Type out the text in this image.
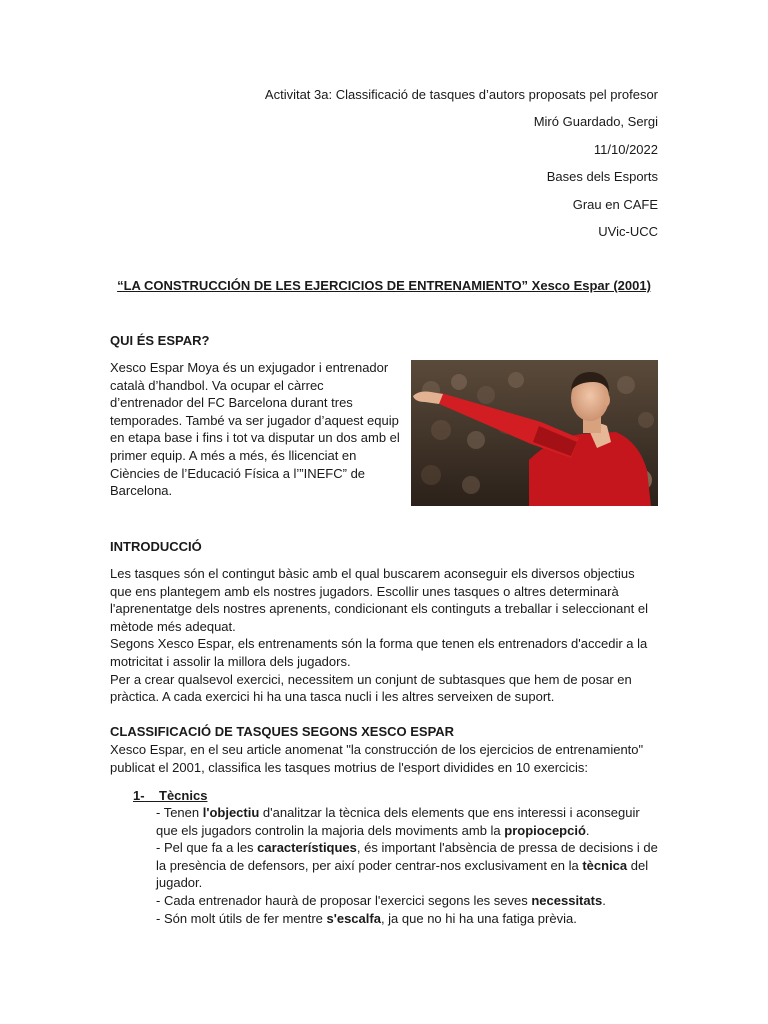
Activitat 3a: Classificació de tasques d’autors proposats pel profesor

Miró Guardado, Sergi

11/10/2022

Bases dels Esports

Grau en CAFE

UVic-UCC

“LA CONSTRUCCIÓN DE LES EJERCICIOS DE ENTRENAMIENTO” Xesco Espar (2001)

QUI ÉS ESPAR?

Xesco Espar Moya és un exjugador i entrenador català d’handbol. Va ocupar el càrrec d’entrenador del FC Barcelona durant tres temporades. També va ser jugador d’aquest equip en etapa base i fins i tot va disputar un dos amb el primer equip. A més a més, és llicenciat en Ciències de l’Educació Física a l’”INEFC” de Barcelona.

INTRODUCCIÓ

Les tasques són el contingut bàsic amb el qual buscarem aconseguir els diversos objectius que ens plantegem amb els nostres jugadors. Escollir unes tasques o altres determinarà l'aprenentatge dels nostres aprenents, condicionant els continguts a treballar i seleccionant el mètode més adequat.

Segons Xesco Espar, els entrenaments són la forma que tenen els entrenadors d'accedir a la motricitat i assolir la millora dels jugadors.

Per a crear qualsevol exercici, necessitem un conjunt de subtasques que hem de posar en pràctica. A cada exercici hi ha una tasca nucli i les altres serveixen de suport.

CLASSIFICACIÓ DE TASQUES SEGONS XESCO ESPAR

Xesco Espar, en el seu article anomenat "la construcción de los ejercicios de entrenamiento" publicat el 2001, classifica les tasques motrius de l'esport dividides en 10 exercicis:

1- Tècnics

- Tenen l'objectiu d'analitzar la tècnica dels elements que ens interessi i aconseguir que els jugadors controlin la majoria dels moviments amb la propiocepció.

- Pel que fa a les característiques, és important l'absència de pressa de decisions i de la presència de defensors, per així poder centrar-nos exclusivament en la tècnica del jugador.

- Cada entrenador haurà de proposar l'exercici segons les seves necessitats.

- Són molt útils de fer mentre s'escalfa, ja que no hi ha una fatiga prèvia.
